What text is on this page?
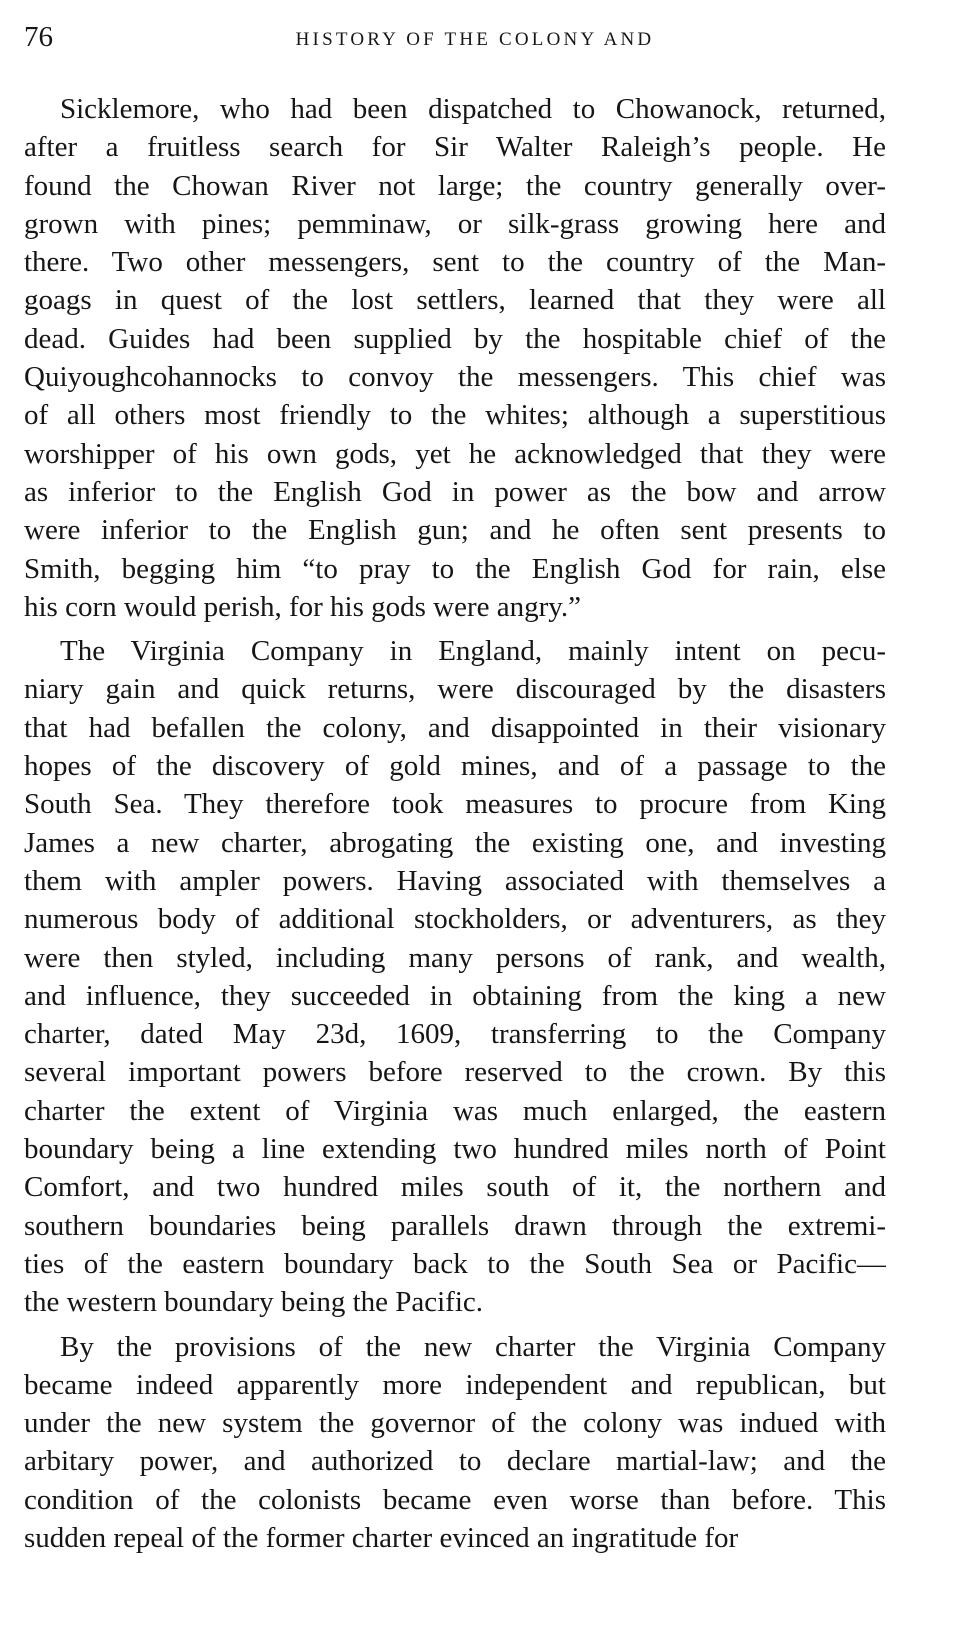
76	HISTORY OF THE COLONY AND
Sicklemore, who had been dispatched to Chowanock, returned,
after a fruitless search for Sir Walter Raleigh’s people. He
found the Chowan River not large; the country generally over-
grown with pines; pemminaw, or silk-grass growing here and
there. Two other messengers, sent to the country of the Man-
goags in quest of the lost settlers, learned that they were all
dead. Guides had been supplied by the hospitable chief of the
Quiyoughcohannocks to convoy the messengers. This chief was
of all others most friendly to the whites; although a superstitious
worshipper of his own gods, yet he acknowledged that they were
as inferior to the English God in power as the bow and arrow
were inferior to the English gun; and he often sent presents to
Smith, begging him “to pray to the English God for rain, else
his corn would perish, for his gods were angry.”
The Virginia Company in England, mainly intent on pecu-
niary gain and quick returns, were discouraged by the disasters
that had befallen the colony, and disappointed in their visionary
hopes of the discovery of gold mines, and of a passage to the
South Sea. They therefore took measures to procure from King
James a new charter, abrogating the existing one, and investing
them with ampler powers. Having associated with themselves a
numerous body of additional stockholders, or adventurers, as they
were then styled, including many persons of rank, and wealth,
and influence, they succeeded in obtaining from the king a new
charter, dated May 23d, 1609, transferring to the Company
several important powers before reserved to the crown. By this
charter the extent of Virginia was much enlarged, the eastern
boundary being a line extending two hundred miles north of Point
Comfort, and two hundred miles south of it, the northern and
southern boundaries being parallels drawn through the extremi-
ties of the eastern boundary back to the South Sea or Pacific—
the western boundary being the Pacific.
By the provisions of the new charter the Virginia Company
became indeed apparently more independent and republican, but
under the new system the governor of the colony was indued with
arbitary power, and authorized to declare martial-law; and the
condition of the colonists became even worse than before. This
sudden repeal of the former charter evinced an ingratitude for
